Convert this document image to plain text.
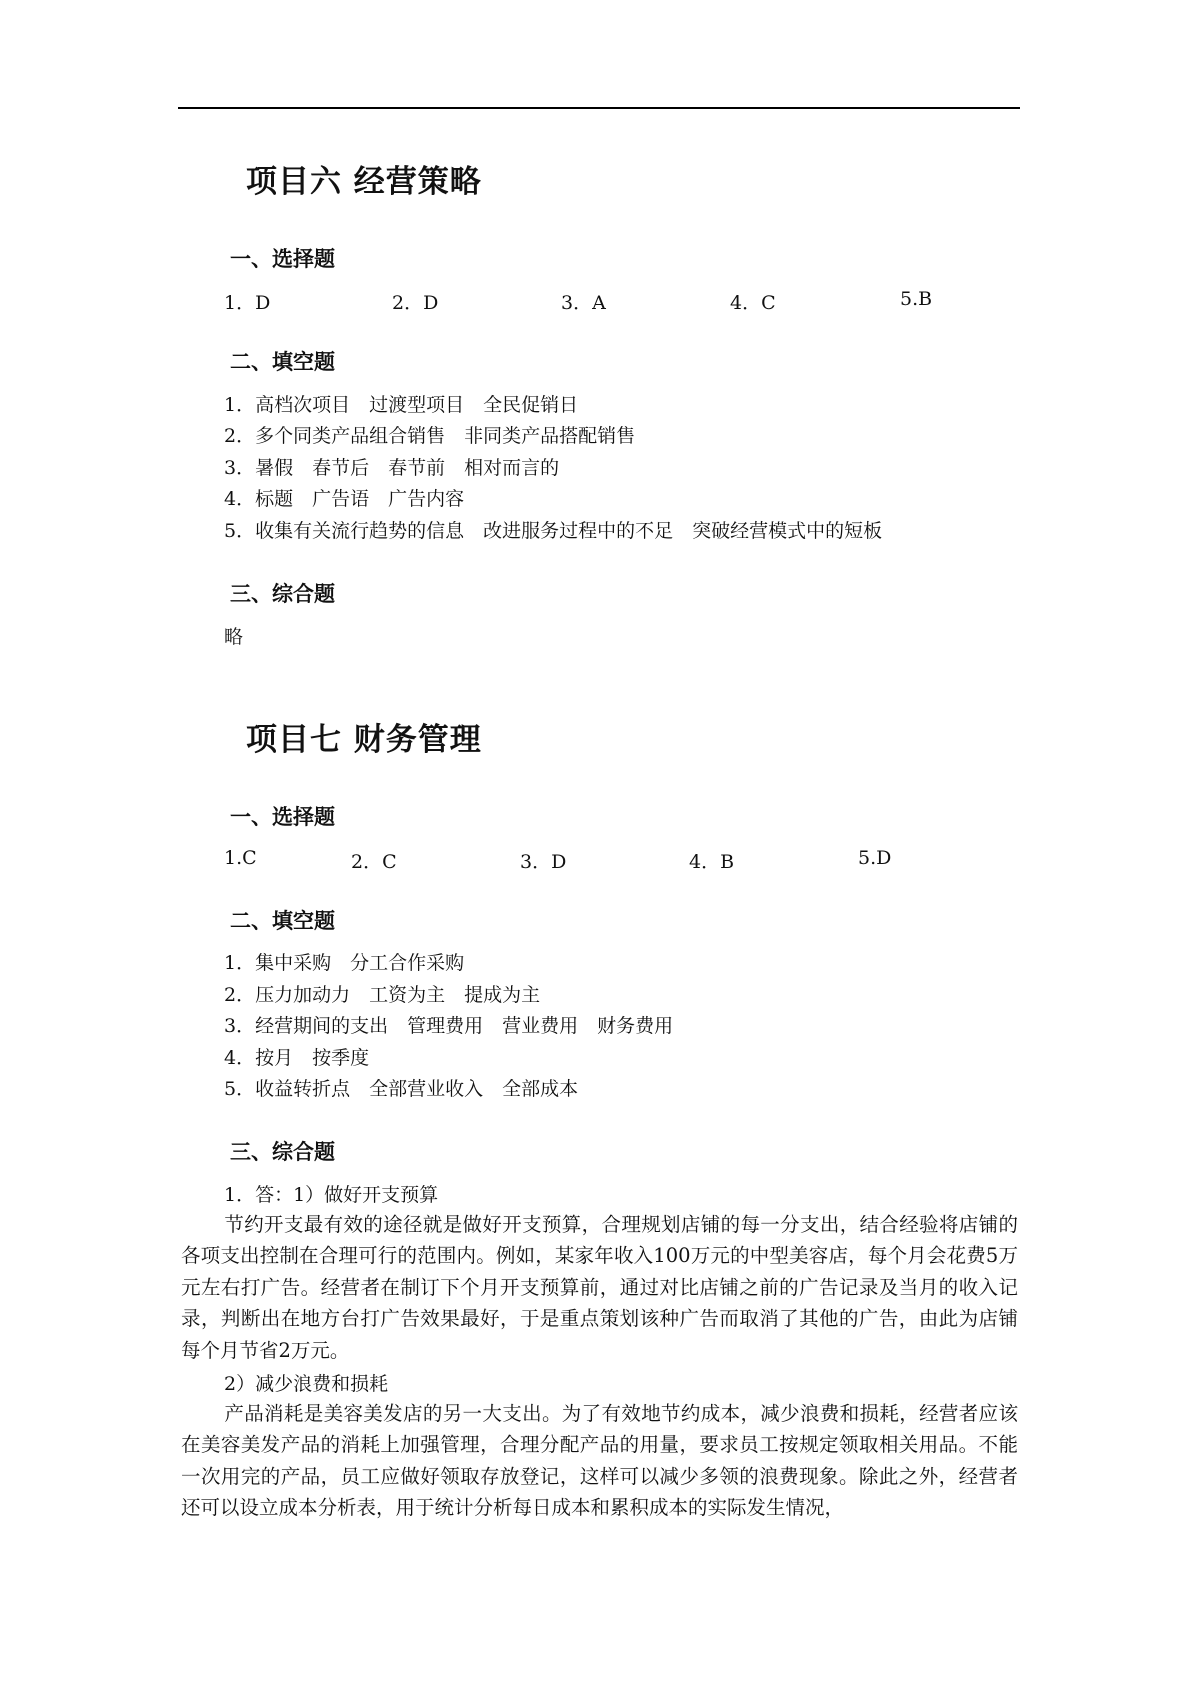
项目六 经营策略
一、选择题
1．D	2．D	3．A	4．C	5.B
二、填空题
1．高档次项目　过渡型项目　全民促销日
2．多个同类产品组合销售　非同类产品搭配销售
3．暑假　春节后　春节前　相对而言的
4．标题　广告语　广告内容
5．收集有关流行趋势的信息　改进服务过程中的不足　突破经营模式中的短板
三、综合题
略
项目七 财务管理
一、选择题
1.C	2．C	3．D	4．B	5.D
二、填空题
1．集中采购　分工合作采购
2．压力加动力　工资为主　提成为主
3．经营期间的支出　管理费用　营业费用　财务费用
4．按月　按季度
5．收益转折点　全部营业收入　全部成本
三、综合题
1．答：1）做好开支预算
节约开支最有效的途径就是做好开支预算，合理规划店铺的每一分支出，结合经验将店铺的各项支出控制在合理可行的范围内。例如，某家年收入100万元的中型美容店，每个月会花费5万元左右打广告。经营者在制订下个月开支预算前，通过对比店铺之前的广告记录及当月的收入记录，判断出在地方台打广告效果最好，于是重点策划该种广告而取消了其他的广告，由此为店铺每个月节省2万元。
2）减少浪费和损耗
产品消耗是美容美发店的另一大支出。为了有效地节约成本，减少浪费和损耗，经营者应该在美容美发产品的消耗上加强管理，合理分配产品的用量，要求员工按规定领取相关用品。不能一次用完的产品，员工应做好领取存放登记，这样可以减少多领的浪费现象。除此之外，经营者还可以设立成本分析表，用于统计分析每日成本和累积成本的实际发生情况，
